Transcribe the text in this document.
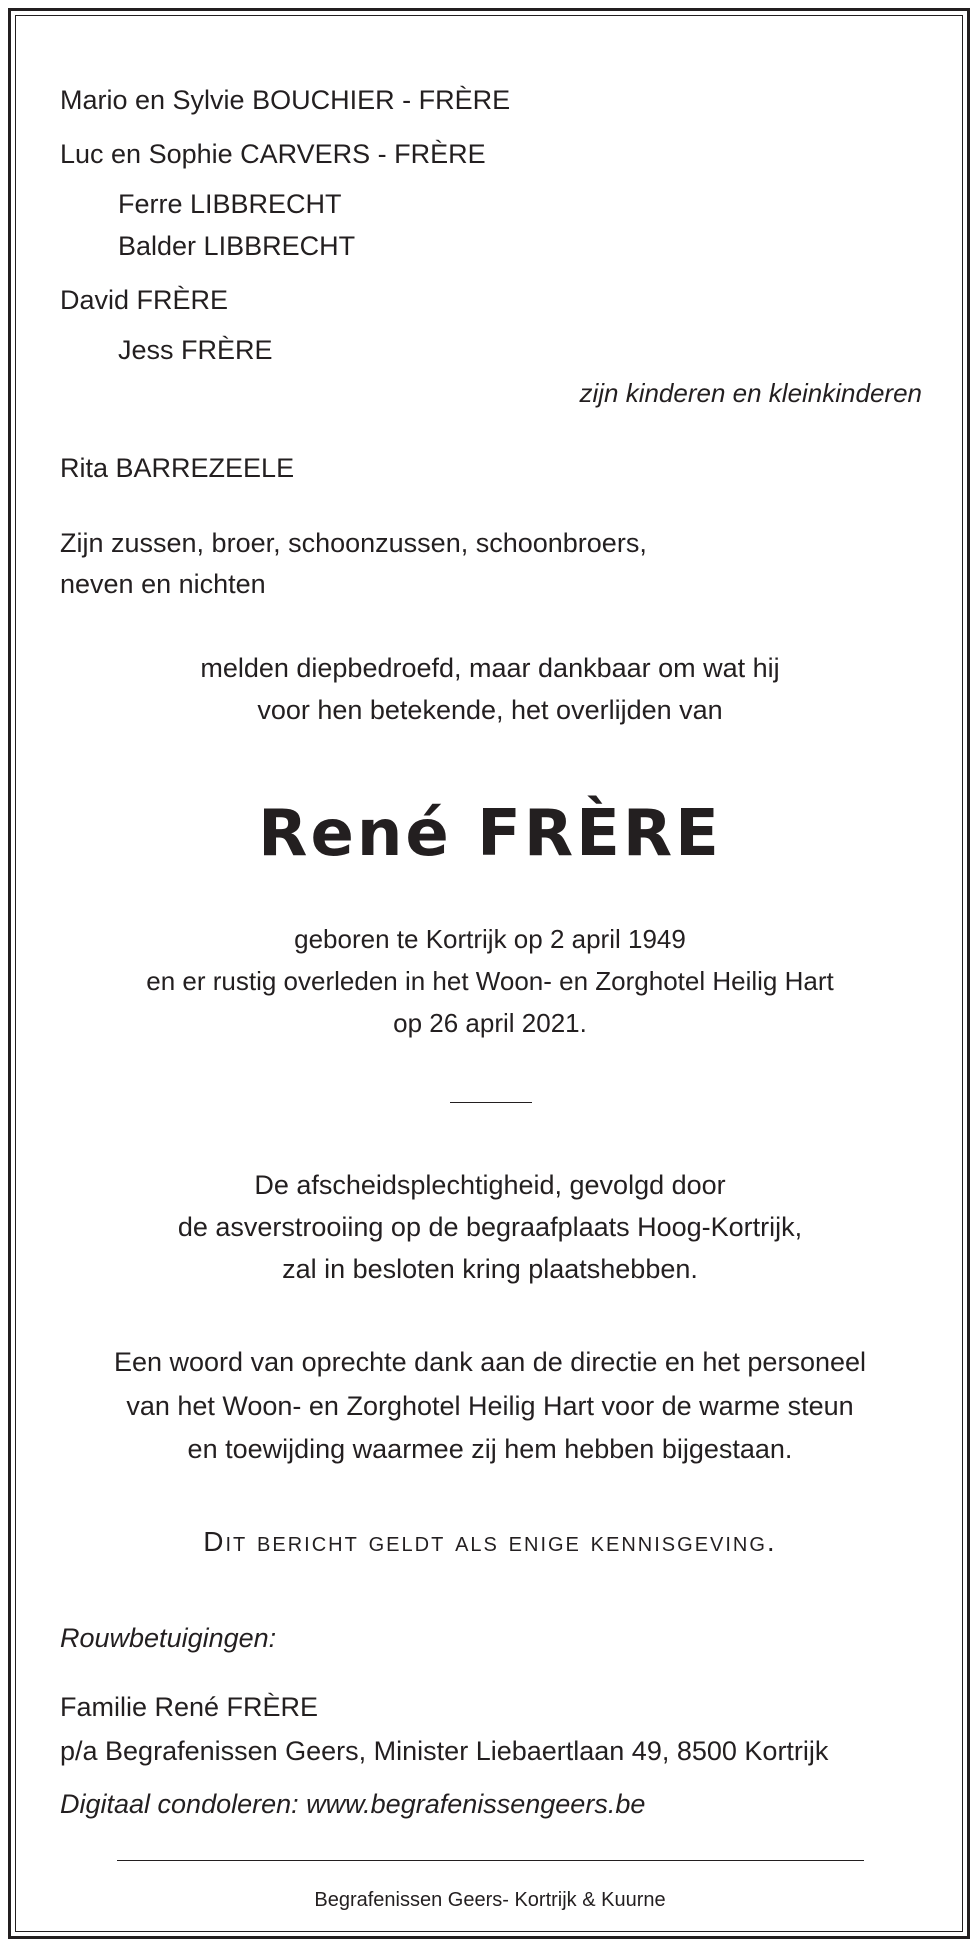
Mario en Sylvie BOUCHIER - FRÈRE
Luc en Sophie CARVERS - FRÈRE
Ferre LIBBRECHT
Balder LIBBRECHT
David FRÈRE
Jess FRÈRE
zijn kinderen en kleinkinderen
Rita BARREZEELE
Zijn zussen, broer, schoonzussen, schoonbroers,
neven en nichten
melden diepbedroefd, maar dankbaar om wat hij
voor hen betekende, het overlijden van
René FRÈRE
geboren te Kortrijk op 2 april 1949
en er rustig overleden in het Woon- en Zorghotel Heilig Hart
op 26 april 2021.
De afscheidsplechtigheid, gevolgd door
de asverstrooiing op de begraafplaats Hoog-Kortrijk,
zal in besloten kring plaatshebben.
Een woord van oprechte dank aan de directie en het personeel
van het Woon- en Zorghotel Heilig Hart voor de warme steun
en toewijding waarmee zij hem hebben bijgestaan.
Dit bericht geldt als enige kennisgeving.
Rouwbetuigingen:
Familie René FRÈRE
p/a Begrafenissen Geers, Minister Liebaertlaan 49, 8500 Kortrijk
Digitaal condoleren: www.begrafenissengeers.be
Begrafenissen Geers- Kortrijk & Kuurne
